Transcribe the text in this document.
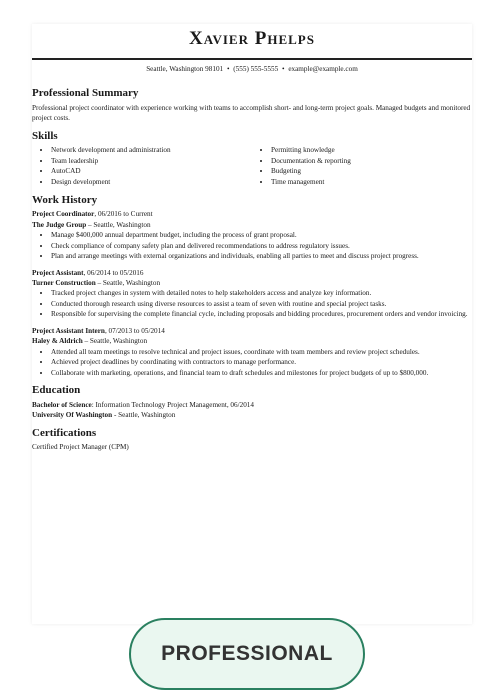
Xavier Phelps
Seattle, Washington 98101 • (555) 555-5555 • example@example.com
Professional Summary

Professional project coordinator with experience working with teams to accomplish short- and long-term project goals. Managed budgets and monitored project costs.

Skills
• Network development and administration
• Team leadership
• AutoCAD
• Design development
• Permitting knowledge
• Documentation & reporting
• Budgeting
• Time management
Work History
Project Coordinator, 06/2016 to Current
The Judge Group – Seattle, Washington
• Manage $400,000 annual department budget, including the process of grant proposal.
• Check compliance of company safety plan and delivered recommendations to address regulatory issues.
• Plan and arrange meetings with external organizations and individuals, enabling all parties to meet and discuss project progress.
Project Assistant, 06/2014 to 05/2016
Turner Construction – Seattle, Washington
• Tracked project changes in system with detailed notes to help stakeholders access and analyze key information.
• Conducted thorough research using diverse resources to assist a team of seven with routine and special project tasks.
• Responsible for supervising the complete financial cycle, including proposals and bidding procedures, procurement orders and vendor invoicing.
Project Assistant Intern, 07/2013 to 05/2014
Haley & Aldrich – Seattle, Washington
• Attended all team meetings to resolve technical and project issues, coordinate with team members and review project schedules.
• Achieved project deadlines by coordinating with contractors to manage performance.
• Collaborate with marketing, operations, and financial team to draft schedules and milestones for project budgets of up to $800,000.
Education
Bachelor of Science: Information Technology Project Management, 06/2014
University Of Washington - Seattle, Washington
Certifications
Certified Project Manager (CPM)
PROFESSIONAL
